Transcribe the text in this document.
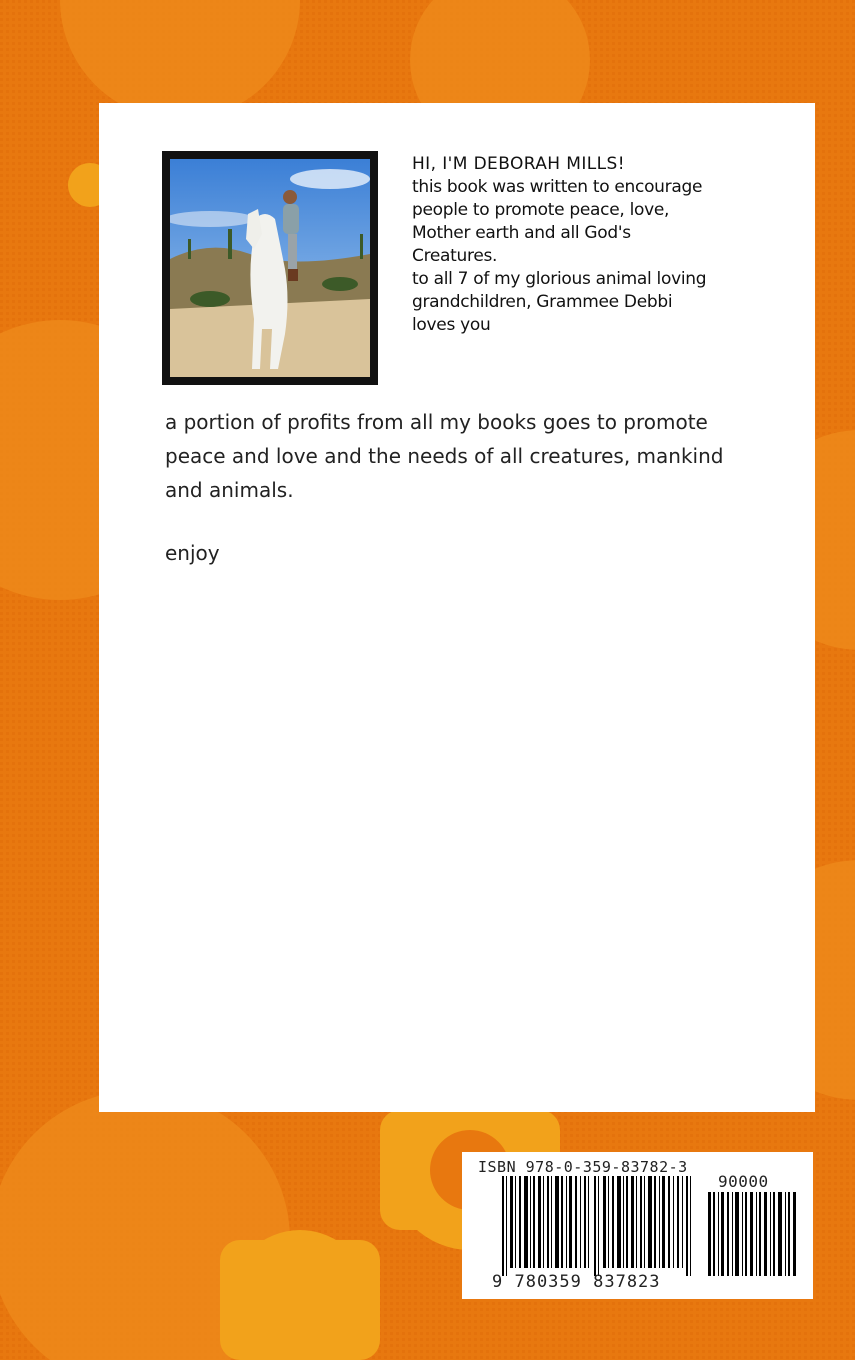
HI, I'M DEBORAH MILLS!
this book was written to encourage
people to promote peace, love,
Mother earth and all God's
Creatures.
to all 7 of my glorious animal loving
grandchildren, Grammee Debbi
loves you
a portion of profits from all my books goes to promote
peace and love and the needs of all creatures, mankind
and animals.
enjoy
ISBN 978-0-359-83782-3
90000
9 780359 837823
